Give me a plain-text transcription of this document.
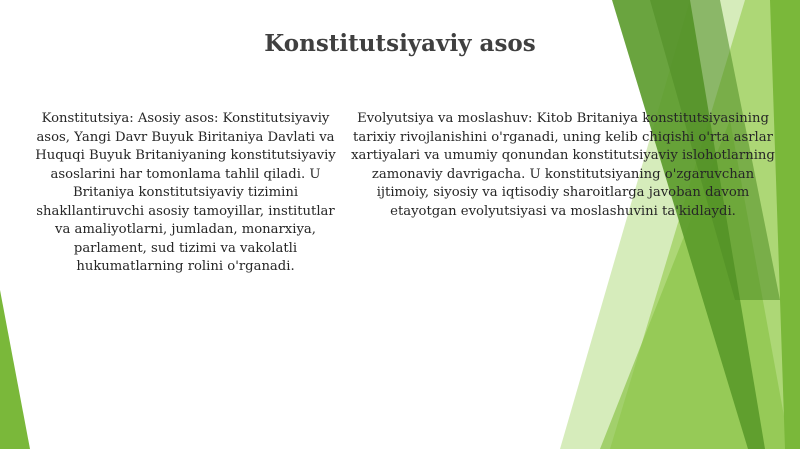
Konstitutsiyaviy asos

Konstitutsiya: Asosiy asos: Konstitutsiyaviy asos, Yangi Davr Buyuk Biritaniya Davlati va Huquqi Buyuk Britaniyaning konstitutsiyaviy asoslarini har tomonlama tahlil qiladi. U Britaniya konstitutsiyaviy tizimini shakllantiruvchi asosiy tamoyillar, institutlar va amaliyotlarni, jumladan, monarxiya, parlament, sud tizimi va vakolatli hukumatlarning rolini o'rganadi.

Evolyutsiya va moslashuv: Kitob Britaniya konstitutsiyasining tarixiy rivojlanishini o'rganadi, uning kelib chiqishi o'rta asrlar xartiyalari va umumiy qonundan konstitutsiyaviy islohotlarning zamonaviy davrigacha. U konstitutsiyaning o'zgaruvchan ijtimoiy, siyosiy va iqtisodiy sharoitlarga javoban davom etayotgan evolyutsiyasi va moslashuvini ta'kidlaydi.
